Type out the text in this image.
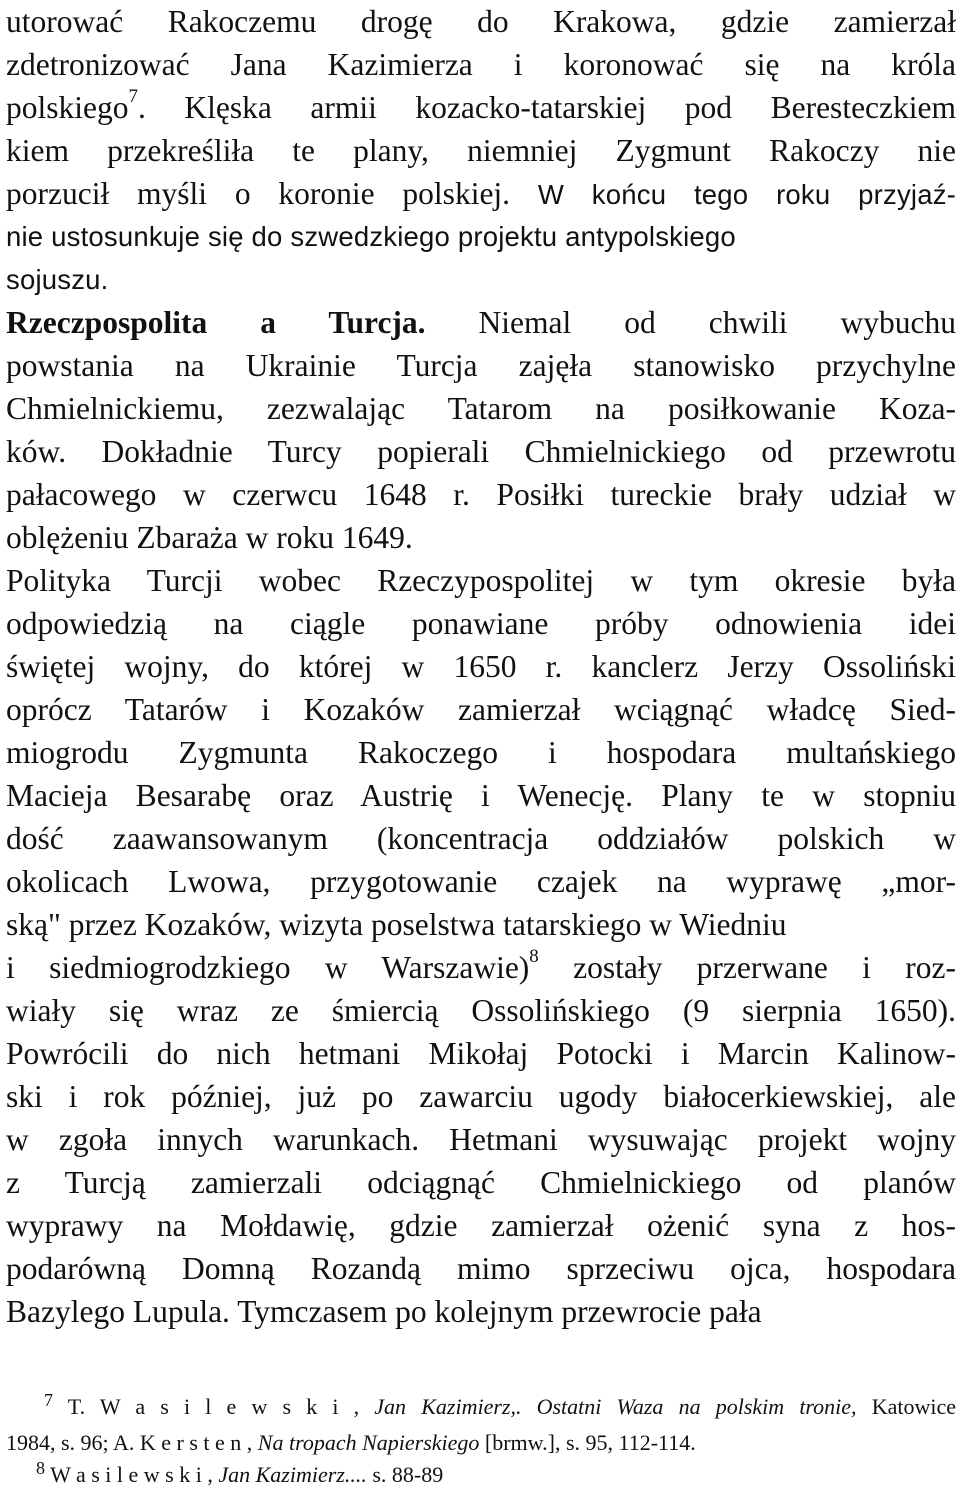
utorować Rakoczemu drogę do Krakowa, gdzie zamierzał
zdetronizować Jana Kazimierza i koronować się na króla
polskiego$^7$. Klęska armii kozacko-tatarskiej pod Beresteczkiem
kiem przekreśliła te plany, niemniej Zygmunt Rakoczy nie
porzucił myśli o koronie polskiej. W końcu tego roku przyjaź-
nie ustosunkuje się do szwedzkiego projektu antypolskiego
sojuszu.
Rzeczpospolita a Turcja. Niemal od chwili wybuchu
powstania na Ukrainie Turcja zajęła stanowisko przychylne
Chmielnickiemu, zezwalając Tatarom na posiłkowanie Koza-
ków. Dokładnie Turcy popierali Chmielnickiego od przewrotu
pałacowego w czerwcu 1648 r. Posiłki tureckie brały udział w
oblężeniu Zbaraża w roku 1649.
Polityka Turcji wobec Rzeczypospolitej w tym okresie była
odpowiedzią na ciągle ponawiane próby odnowienia idei
świętej wojny, do której w 1650 r. kanclerz Jerzy Ossoliński
oprócz Tatarów i Kozaków zamierzał wciągnąć władcę Sied-
miogrodu Zygmunta Rakoczego i hospodara multańskiego
Macieja Besarabę oraz Austrię i Wenecję. Plany te w stopniu
dość zaawansowanym (koncentracja oddziałów polskich w
okolicach Lwowa, przygotowanie czajek na wyprawę „mor-
ską" przez Kozaków, wizyta poselstwa tatarskiego w Wiedniu
i siedmiogrodzkiego w Warszawie)$^8$ zostały przerwane i roz-
wiały się wraz ze śmiercią Ossolińskiego (9 sierpnia 1650).
Powrócili do nich hetmani Mikołaj Potocki i Marcin Kalinow-
ski i rok później, już po zawarciu ugody białocerkiewskiej, ale
w zgoła innych warunkach. Hetmani wysuwając projekt wojny
z Turcją zamierzali odciągnąć Chmielnickiego od planów
wyprawy na Mołdawię, gdzie zamierzał ożenić syna z hos-
podarówną Domną Rozandą mimo sprzeciwu ojca, hospodara
Bazylego Lupula. Tymczasem po kolejnym przewrocie pała
$^7$ T. W a s i l e w s k i , Jan Kazimierz,. Ostatni Waza na polskim tronie, Katowice
1984, s. 96; A. K e r s t e n , Na tropach Napierskiego [brmw.], s. 95, 112-114.
$^8$ W a s i l e w s k i , Jan Kazimierz.... s. 88-89
